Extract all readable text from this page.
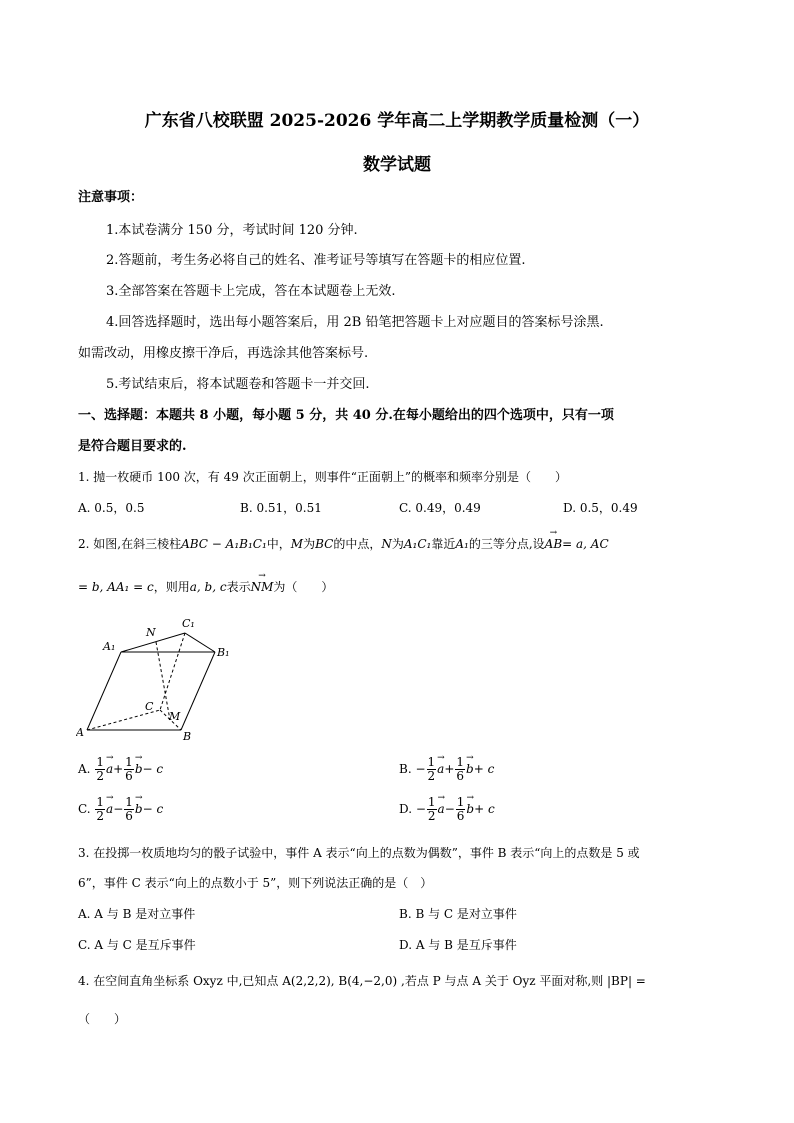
广东省八校联盟 2025-2026 学年高二上学期教学质量检测（一）
数学试题
注意事项：
1.本试卷满分 150 分，考试时间 120 分钟.
2.答题前，考生务必将自己的姓名、准考证号等填写在答题卡的相应位置.
3.全部答案在答题卡上完成，答在本试题卷上无效.
4.回答选择题时，选出每小题答案后，用 2B 铅笔把答题卡上对应题目的答案标号涂黑.
如需改动，用橡皮擦干净后，再选涂其他答案标号.
5.考试结束后，将本试题卷和答题卡一并交回.
一、选择题：本题共 8 小题，每小题 5 分，共 40 分.在每小题给出的四个选项中，只有一项
是符合题目要求的.
1. 抛一枚硬币 100 次，有 49 次正面朝上，则事件“正面朝上”的概率和频率分别是（　　）
A. 0.5，0.5	B. 0.51，0.51	C. 0.49，0.49	D. 0.5，0.49
2. 如图,在斜三棱柱ABC − A₁B₁C₁中，M为BC的中点，N为A₁C₁靠近A₁的三等分点,设→ AB= a, AC
= b, AA₁ = c，则用a, b, c表示→ NM为（　　）
C₁
N
A₁	B₁
C
M
A	B
A. $\frac{1}{2}$
→ $a+ \frac{1}{6}$
→ b− c	B. − $\frac{1}{2}$
→ $a+ \frac{1}{6}$
→ b+ c
C. $\frac{1}{2}$
→ $a- \frac{1}{6}$
→ b− c	D. − $\frac{1}{2}$
→ $a- \frac{1}{6}$
→ b+ c
3. 在投掷一枚质地均匀的骰子试验中，事件 A 表示“向上的点数为偶数”，事件 B 表示“向上的点数是 5 或
6”，事件 C 表示“向上的点数小于 5”，则下列说法正确的是（　）
A. A 与 B 是对立事件	B. B 与 C 是对立事件
C. A 与 C 是互斥事件	D. A 与 B 是互斥事件
4. 在空间直角坐标系 Oxyz 中,已知点 A(2,2,2), B(4,−2,0) ,若点 P 与点 A 关于 Oyz 平面对称,则 |BP| =
（　　）
